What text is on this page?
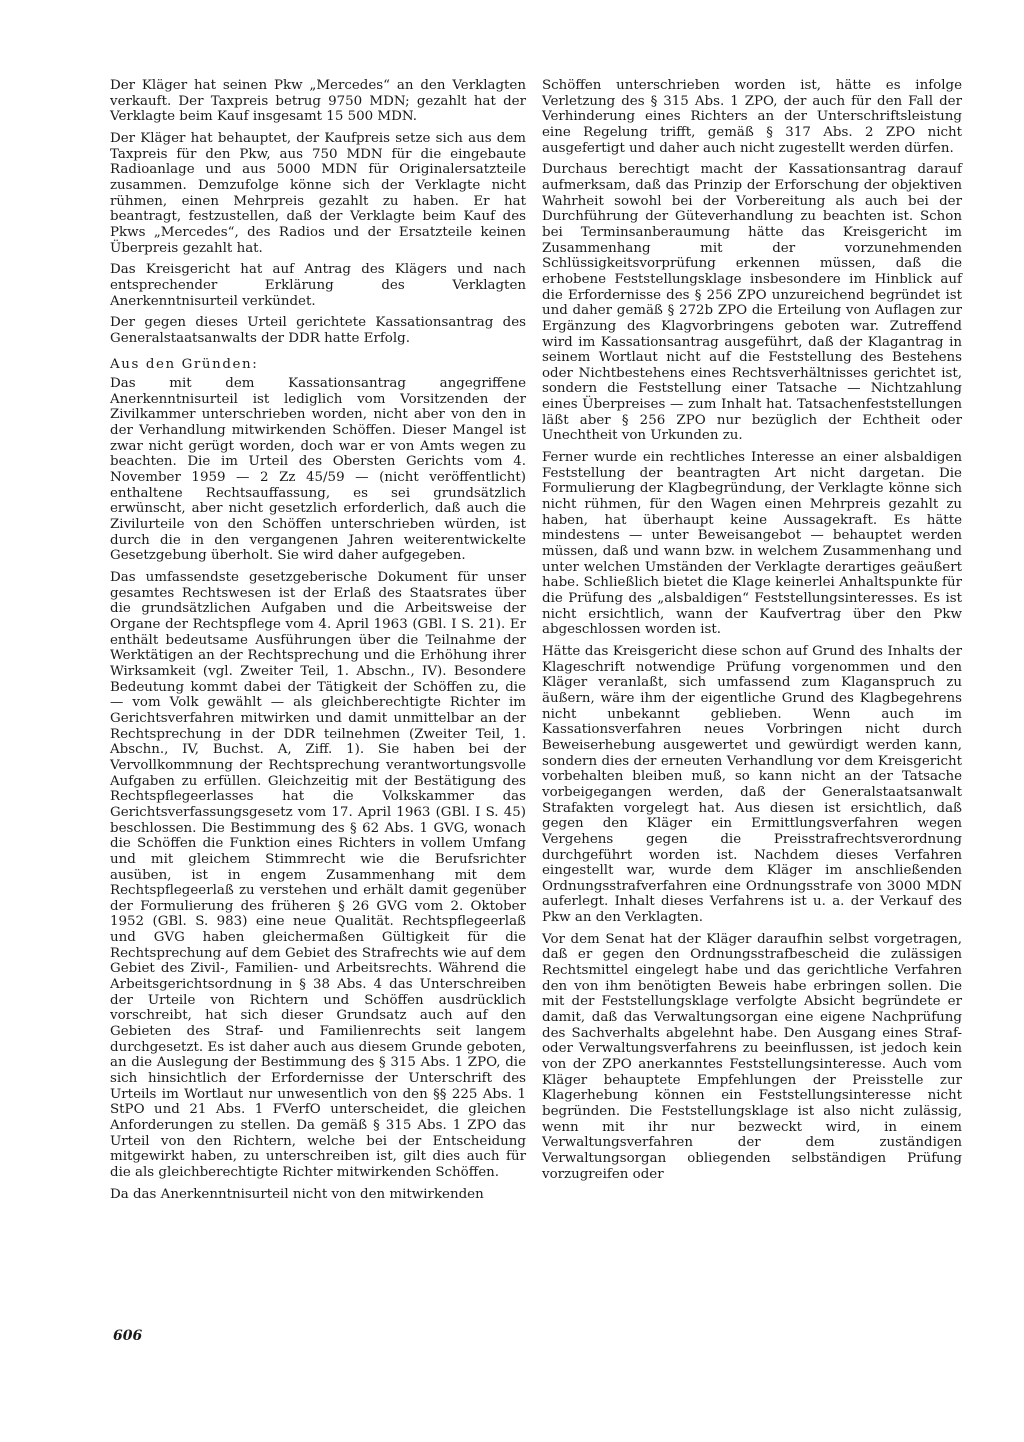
Der Kläger hat seinen Pkw „Mercedes“ an den Verklagten verkauft. Der Taxpreis betrug 9750 MDN; gezahlt hat der Verklagte beim Kauf insgesamt 15 500 MDN.

Der Kläger hat behauptet, der Kaufpreis setze sich aus dem Taxpreis für den Pkw, aus 750 MDN für die eingebaute Radioanlage und aus 5000 MDN für Originalersatzteile zusammen. Demzufolge könne sich der Verklagte nicht rühmen, einen Mehrpreis gezahlt zu haben. Er hat beantragt, festzustellen, daß der Verklagte beim Kauf des Pkws „Mercedes“, des Radios und der Ersatzteile keinen Überpreis gezahlt hat.

Das Kreisgericht hat auf Antrag des Klägers und nach entsprechender Erklärung des Verklagten Anerkenntnisurteil verkündet.

Der gegen dieses Urteil gerichtete Kassationsantrag des Generalstaatsanwalts der DDR hatte Erfolg.

Aus den Gründen:

Das mit dem Kassationsantrag angegriffene Anerkenntnisurteil ist lediglich vom Vorsitzenden der Zivilkammer unterschrieben worden, nicht aber von den in der Verhandlung mitwirkenden Schöffen. Dieser Mangel ist zwar nicht gerügt worden, doch war er von Amts wegen zu beachten. Die im Urteil des Obersten Gerichts vom 4. November 1959 — 2 Zz 45/59 — (nicht veröffentlicht) enthaltene Rechtsauffassung, es sei grundsätzlich erwünscht, aber nicht gesetzlich erforderlich, daß auch die Zivilurteile von den Schöffen unterschrieben würden, ist durch die in den vergangenen Jahren weiterentwickelte Gesetzgebung überholt. Sie wird daher aufgegeben.

Das umfassendste gesetzgeberische Dokument für unser gesamtes Rechtswesen ist der Erlaß des Staatsrates über die grundsätzlichen Aufgaben und die Arbeitsweise der Organe der Rechtspflege vom 4. April 1963 (GBl. I S. 21). Er enthält bedeutsame Ausführungen über die Teilnahme der Werktätigen an der Rechtsprechung und die Erhöhung ihrer Wirksamkeit (vgl. Zweiter Teil, 1. Abschn., IV). Besondere Bedeutung kommt dabei der Tätigkeit der Schöffen zu, die — vom Volk gewählt — als gleichberechtigte Richter im Gerichtsverfahren mitwirken und damit unmittelbar an der Rechtsprechung in der DDR teilnehmen (Zweiter Teil, 1. Abschn., IV, Buchst. A, Ziff. 1). Sie haben bei der Vervollkommnung der Rechtsprechung verantwortungsvolle Aufgaben zu erfüllen. Gleichzeitig mit der Bestätigung des Rechtspflegeerlasses hat die Volkskammer das Gerichtsverfassungsgesetz vom 17. April 1963 (GBl. I S. 45) beschlossen. Die Bestimmung des § 62 Abs. 1 GVG, wonach die Schöffen die Funktion eines Richters in vollem Umfang und mit gleichem Stimmrecht wie die Berufsrichter ausüben, ist in engem Zusammenhang mit dem Rechtspflegeerlaß zu verstehen und erhält damit gegenüber der Formulierung des früheren § 26 GVG vom 2. Oktober 1952 (GBl. S. 983) eine neue Qualität. Rechtspflegeerlaß und GVG haben gleichermaßen Gültigkeit für die Rechtsprechung auf dem Gebiet des Strafrechts wie auf dem Gebiet des Zivil-, Familien- und Arbeitsrechts. Während die Arbeitsgerichtsordnung in § 38 Abs. 4 das Unterschreiben der Urteile von Richtern und Schöffen ausdrücklich vorschreibt, hat sich dieser Grundsatz auch auf den Gebieten des Straf- und Familienrechts seit langem durchgesetzt. Es ist daher auch aus diesem Grunde geboten, an die Auslegung der Bestimmung des § 315 Abs. 1 ZPO, die sich hinsichtlich der Erfordernisse der Unterschrift des Urteils im Wortlaut nur unwesentlich von den §§ 225 Abs. 1 StPO und 21 Abs. 1 FVerfO unterscheidet, die gleichen Anforderungen zu stellen. Da gemäß § 315 Abs. 1 ZPO das Urteil von den Richtern, welche bei der Entscheidung mitgewirkt haben, zu unterschreiben ist, gilt dies auch für die als gleichberechtigte Richter mitwirkenden Schöffen.

Da das Anerkenntnisurteil nicht von den mitwirkenden

Schöffen unterschrieben worden ist, hätte es infolge Verletzung des § 315 Abs. 1 ZPO, der auch für den Fall der Verhinderung eines Richters an der Unterschriftsleistung eine Regelung trifft, gemäß § 317 Abs. 2 ZPO nicht ausgefertigt und daher auch nicht zugestellt werden dürfen.

Durchaus berechtigt macht der Kassationsantrag darauf aufmerksam, daß das Prinzip der Erforschung der objektiven Wahrheit sowohl bei der Vorbereitung als auch bei der Durchführung der Güteverhandlung zu beachten ist. Schon bei Terminsanberaumung hätte das Kreisgericht im Zusammenhang mit der vorzunehmenden Schlüssigkeitsvorprüfung erkennen müssen, daß die erhobene Feststellungsklage insbesondere im Hinblick auf die Erfordernisse des § 256 ZPO unzureichend begründet ist und daher gemäß § 272b ZPO die Erteilung von Auflagen zur Ergänzung des Klagvorbringens geboten war. Zutreffend wird im Kassationsantrag ausgeführt, daß der Klagantrag in seinem Wortlaut nicht auf die Feststellung des Bestehens oder Nichtbestehens eines Rechtsverhältnisses gerichtet ist, sondern die Feststellung einer Tatsache — Nichtzahlung eines Überpreises — zum Inhalt hat. Tatsachenfeststellungen läßt aber § 256 ZPO nur bezüglich der Echtheit oder Unechtheit von Urkunden zu.

Ferner wurde ein rechtliches Interesse an einer alsbaldigen Feststellung der beantragten Art nicht dargetan. Die Formulierung der Klagbegründung, der Verklagte könne sich nicht rühmen, für den Wagen einen Mehrpreis gezahlt zu haben, hat überhaupt keine Aussagekraft. Es hätte mindestens — unter Beweisangebot — behauptet werden müssen, daß und wann bzw. in welchem Zusammenhang und unter welchen Umständen der Verklagte derartiges geäußert habe. Schließlich bietet die Klage keinerlei Anhaltspunkte für die Prüfung des „alsbaldigen“ Feststellungsinteresses. Es ist nicht ersichtlich, wann der Kaufvertrag über den Pkw abgeschlossen worden ist.

Hätte das Kreisgericht diese schon auf Grund des Inhalts der Klageschrift notwendige Prüfung vorgenommen und den Kläger veranlaßt, sich umfassend zum Klaganspruch zu äußern, wäre ihm der eigentliche Grund des Klagbegehrens nicht unbekannt geblieben. Wenn auch im Kassationsverfahren neues Vorbringen nicht durch Beweiserhebung ausgewertet und gewürdigt werden kann, sondern dies der erneuten Verhandlung vor dem Kreisgericht vorbehalten bleiben muß, so kann nicht an der Tatsache vorbeigegangen werden, daß der Generalstaatsanwalt Strafakten vorgelegt hat. Aus diesen ist ersichtlich, daß gegen den Kläger ein Ermittlungsverfahren wegen Vergehens gegen die Preisstrafrechtsverordnung durchgeführt worden ist. Nachdem dieses Verfahren eingestellt war, wurde dem Kläger im anschließenden Ordnungsstrafverfahren eine Ordnungsstrafe von 3000 MDN auferlegt. Inhalt dieses Verfahrens ist u. a. der Verkauf des Pkw an den Verklagten.

Vor dem Senat hat der Kläger daraufhin selbst vorgetragen, daß er gegen den Ordnungsstrafbescheid die zulässigen Rechtsmittel eingelegt habe und das gerichtliche Verfahren den von ihm benötigten Beweis habe erbringen sollen. Die mit der Feststellungsklage verfolgte Absicht begründete er damit, daß das Verwaltungsorgan eine eigene Nachprüfung des Sachverhalts abgelehnt habe. Den Ausgang eines Straf- oder Verwaltungsverfahrens zu beeinflussen, ist jedoch kein von der ZPO anerkanntes Feststellungsinteresse. Auch vom Kläger behauptete Empfehlungen der Preisstelle zur Klagerhebung können ein Feststellungsinteresse nicht begründen. Die Feststellungsklage ist also nicht zulässig, wenn mit ihr nur bezweckt wird, in einem Verwaltungsverfahren der dem zuständigen Verwaltungsorgan obliegenden selbständigen Prüfung vorzugreifen oder

606
